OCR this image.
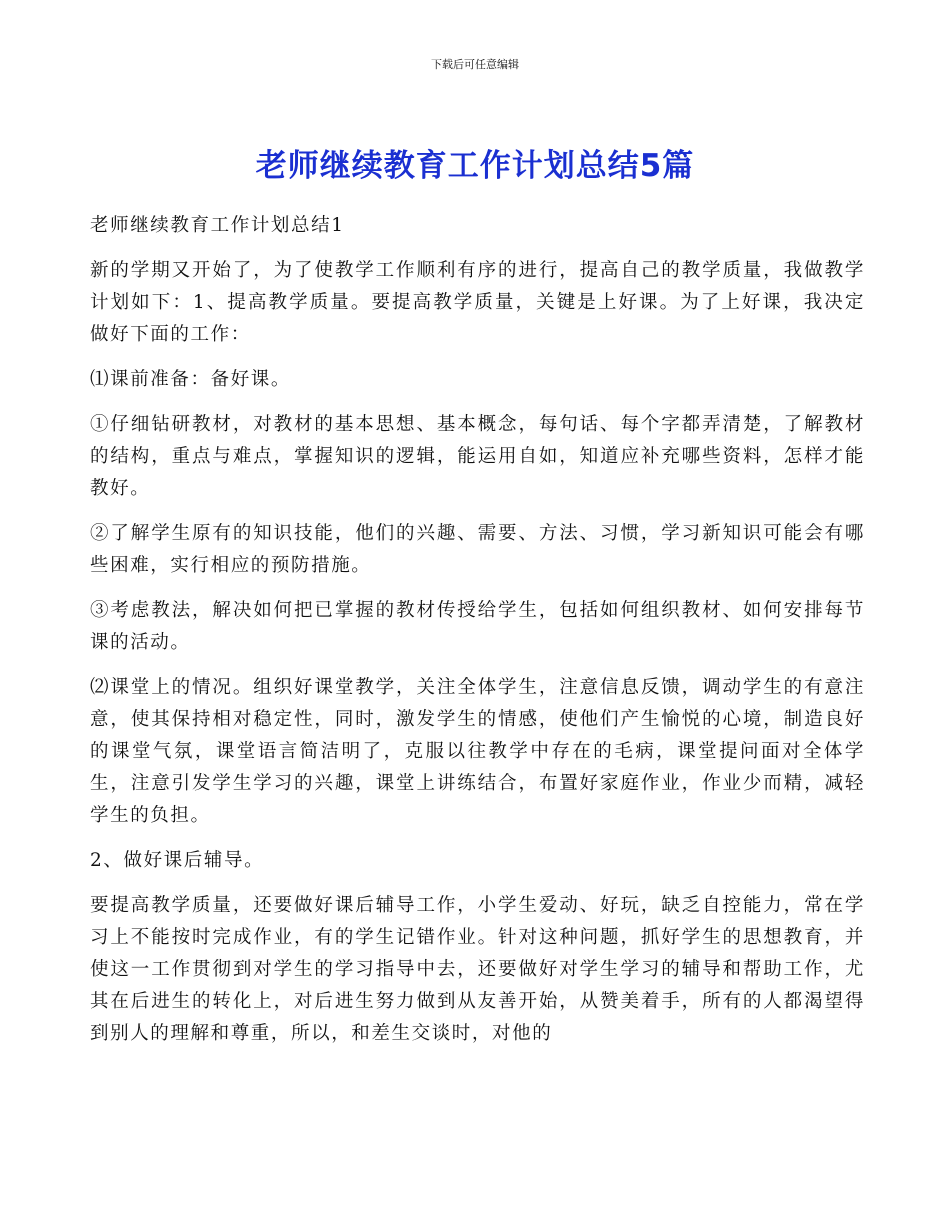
下载后可任意编辑
老师继续教育工作计划总结5篇

老师继续教育工作计划总结1

新的学期又开始了，为了使教学工作顺利有序的进行，提高自己的教学质量，我做教学计划如下：1、提高教学质量。要提高教学质量，关键是上好课。为了上好课，我决定做好下面的工作：

⑴课前准备：备好课。

①仔细钻研教材，对教材的基本思想、基本概念，每句话、每个字都弄清楚，了解教材的结构，重点与难点，掌握知识的逻辑，能运用自如，知道应补充哪些资料，怎样才能教好。

②了解学生原有的知识技能，他们的兴趣、需要、方法、习惯，学习新知识可能会有哪些困难，实行相应的预防措施。

③考虑教法，解决如何把已掌握的教材传授给学生，包括如何组织教材、如何安排每节课的活动。

⑵课堂上的情况。组织好课堂教学，关注全体学生，注意信息反馈，调动学生的有意注意，使其保持相对稳定性，同时，激发学生的情感，使他们产生愉悦的心境，制造良好的课堂气氛，课堂语言简洁明了，克服以往教学中存在的毛病，课堂提问面对全体学生，注意引发学生学习的兴趣，课堂上讲练结合，布置好家庭作业，作业少而精，减轻学生的负担。

2、做好课后辅导。

要提高教学质量，还要做好课后辅导工作，小学生爱动、好玩，缺乏自控能力，常在学习上不能按时完成作业，有的学生记错作业。针对这种问题，抓好学生的思想教育，并使这一工作贯彻到对学生的学习指导中去，还要做好对学生学习的辅导和帮助工作，尤其在后进生的转化上，对后进生努力做到从友善开始，从赞美着手，所有的人都渴望得到别人的理解和尊重，所以，和差生交谈时，对他的
